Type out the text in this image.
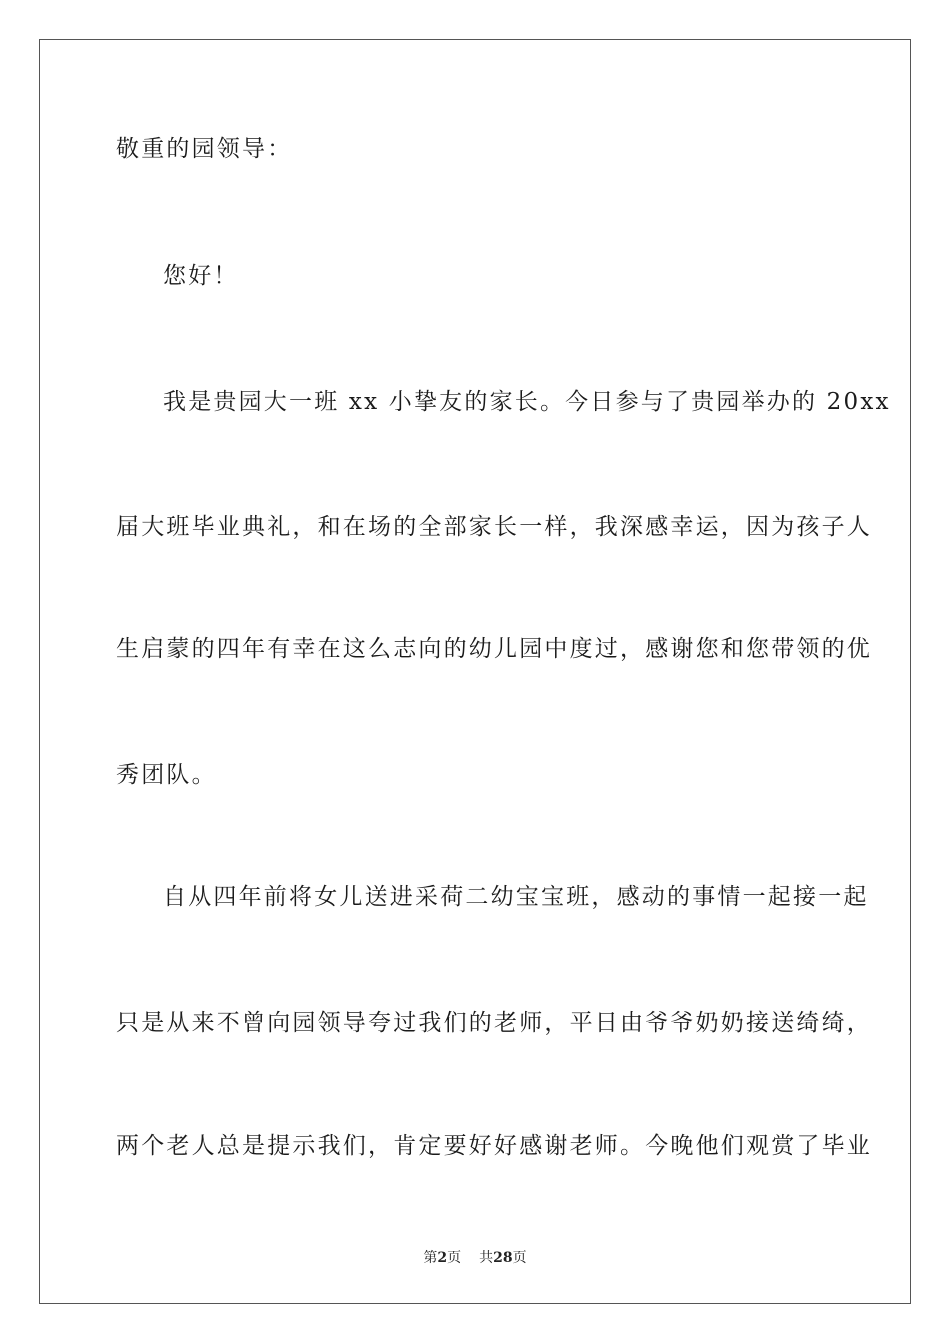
敬重的园领导：
您好！
我是贵园大一班 xx 小挚友的家长。今日参与了贵园举办的 20xx
届大班毕业典礼，和在场的全部家长一样，我深感幸运，因为孩子人
生启蒙的四年有幸在这么志向的幼儿园中度过，感谢您和您带领的优
秀团队。
自从四年前将女儿送进采荷二幼宝宝班，感动的事情一起接一起
只是从来不曾向园领导夸过我们的老师，平日由爷爷奶奶接送绮绮，
两个老人总是提示我们，肯定要好好感谢老师。今晚他们观赏了毕业
第2页 共28页
